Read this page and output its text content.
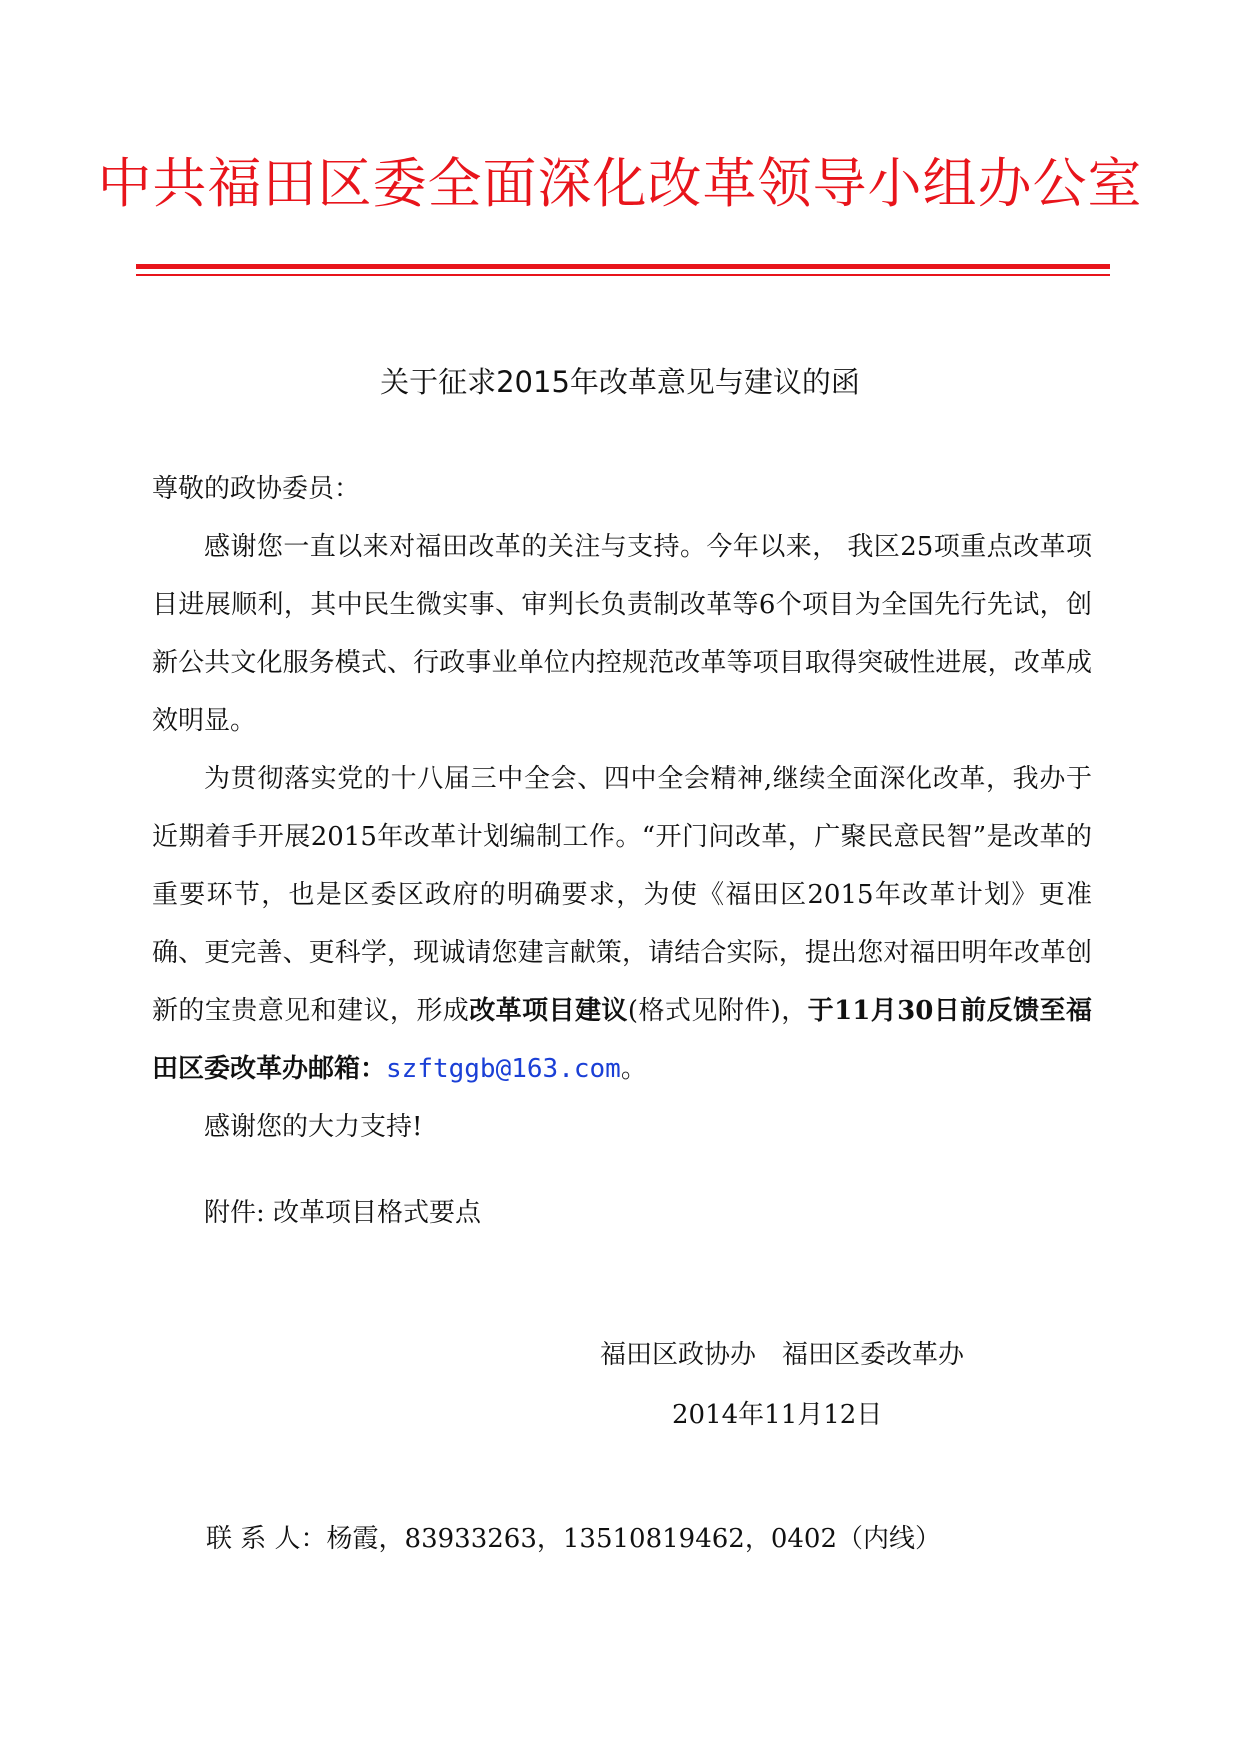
中共福田区委全面深化改革领导小组办公室
关于征求2015年改革意见与建议的函

尊敬的政协委员：

感谢您一直以来对福田改革的关注与支持。今年以来， 我区25项重点改革项目进展顺利，其中民生微实事、审判长负责制改革等6个项目为全国先行先试，创新公共文化服务模式、行政事业单位内控规范改革等项目取得突破性进展，改革成效明显。

为贯彻落实党的十八届三中全会、四中全会精神,继续全面深化改革，我办于近期着手开展2015年改革计划编制工作。“开门问改革，广聚民意民智”是改革的重要环节，也是区委区政府的明确要求，为使《福田区2015年改革计划》更准确、更完善、更科学，现诚请您建言献策，请结合实际，提出您对福田明年改革创新的宝贵意见和建议，形成改革项目建议(格式见附件)，于11月30日前反馈至福田区委改革办邮箱：szftggb@163.com。

感谢您的大力支持!

附件: 改革项目格式要点

福田区政协办　福田区委改革办
2014年11月12日
联 系 人：杨霞，83933263，13510819462，0402（内线）
